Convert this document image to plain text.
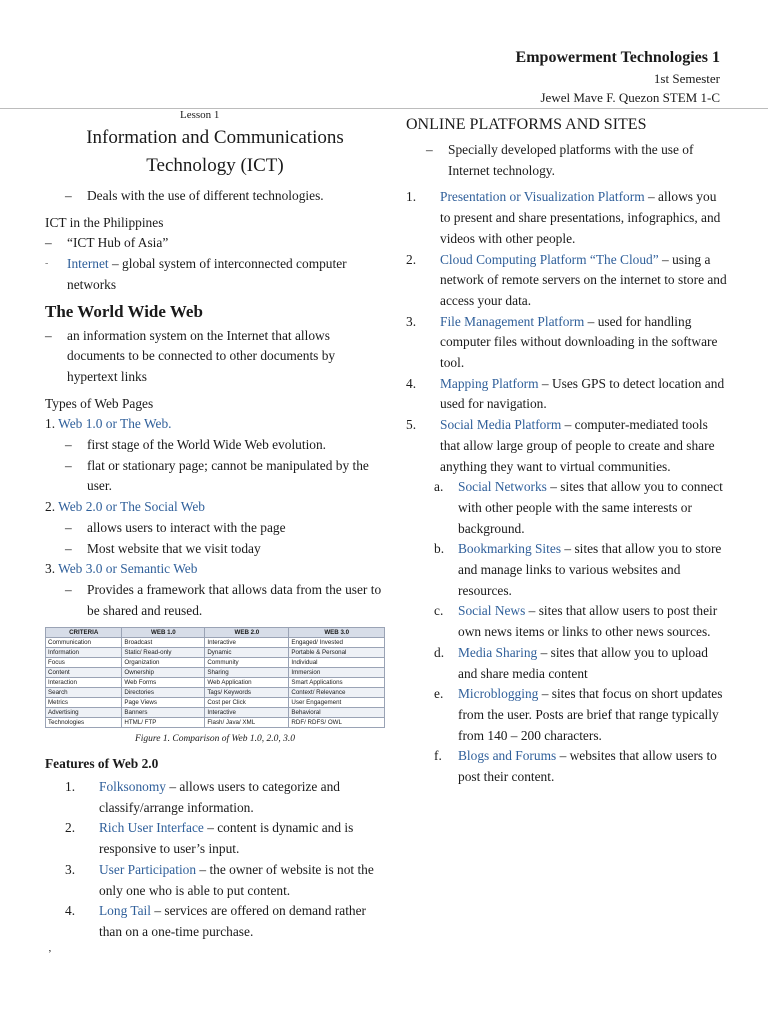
Empowerment Technologies 1
1st Semester
Jewel Mave F. Quezon STEM 1-C
Lesson 1
Information and Communications
Technology (ICT)
–	Deals with the use of different technologies.

ICT in the Philippines

–	“ICT Hub of Asia”
-	Internet – global system of interconnected computer networks
The World Wide Web
–	an information system on the Internet that allows documents to be connected to other documents by hypertext links

Types of Web Pages

1. Web 1.0 or The Web.
–	first stage of the World Wide Web evolution.
–	flat or stationary page; cannot be manipulated by the user.
2. Web 2.0 or The Social Web
–	allows users to interact with the page
–	Most website that we visit today
3. Web 3.0 or Semantic Web
–	Provides a framework that allows data from the user to be shared and reused.
CRITERIA	WEB 1.0	WEB 2.0	WEB 3.0
Communication	Broadcast	Interactive	Engaged/ Invested
Information	Static/ Read-only	Dynamic	Portable & Personal
Focus	Organization	Community	Individual
Content	Ownership	Sharing	Immersion
Interaction	Web Forms	Web Application	Smart Applications
Search	Directories	Tags/ Keywords	Context/ Relevance
Metrics	Page Views	Cost per Click	User Engagement
Advertising	Banners	Interactive	Behavioral
Technologies	HTML/ FTP	Flash/ Java/ XML	RDF/ RDFS/ OWL
Figure 1. Comparison of Web 1.0, 2.0, 3.0
Features of Web 2.0
1.	Folksonomy – allows users to categorize and classify/arrange information.
2.	Rich User Interface – content is dynamic and is responsive to user’s input.
3.	User Participation – the owner of website is not the only one who is able to put content.
4.	Long Tail – services are offered on demand rather than on a one-time purchase.
ONLINE PLATFORMS AND SITES
–	Specially developed platforms with the use of Internet technology.
1.	Presentation or Visualization Platform – allows you to present and share presentations, infographics, and videos with other people.
2.	Cloud Computing Platform “The Cloud” – using a network of remote servers on the internet to store and access your data.
3.	File Management Platform – used for handling computer files without downloading in the software tool.
4.	Mapping Platform – Uses GPS to detect location and used for navigation.
5.	Social Media Platform – computer-mediated tools that allow large group of people to create and share anything they want to virtual communities.
a.	Social Networks – sites that allow you to connect with other people with the same interests or background.
b.	Bookmarking Sites – sites that allow you to store and manage links to various websites and resources.
c.	Social News – sites that allow users to post their own news items or links to other news sources.
d.	Media Sharing – sites that allow you to upload and share media content
e.	Microblogging – sites that focus on short updates from the user. Posts are brief that range typically from 140 – 200 characters.
f.	Blogs and Forums – websites that allow users to post their content.
ʼ
